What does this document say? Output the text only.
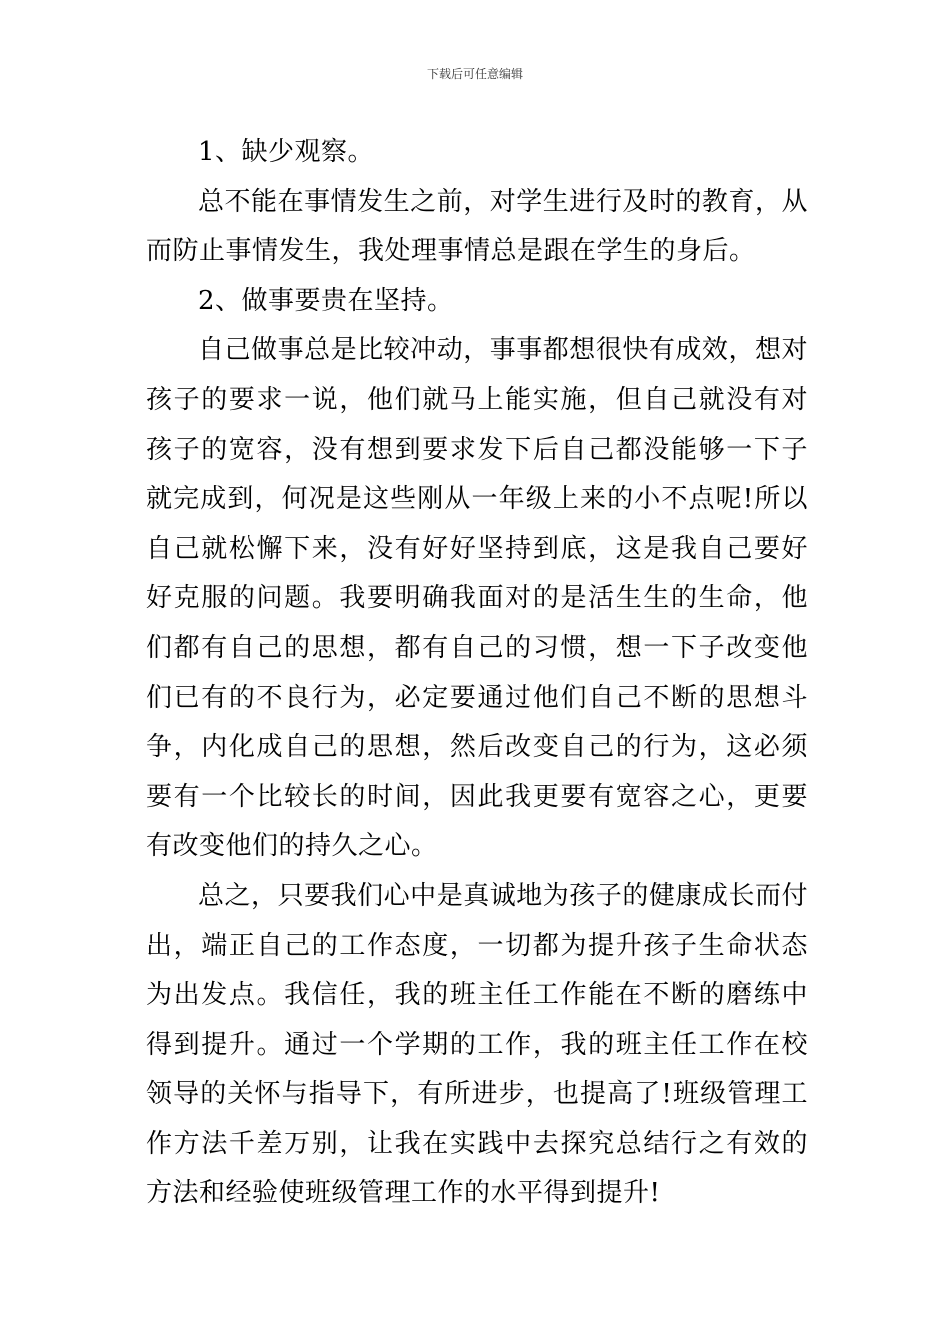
下载后可任意编辑

1、缺少观察。

总不能在事情发生之前，对学生进行及时的教育，从而防止事情发生，我处理事情总是跟在学生的身后。

2、做事要贵在坚持。

自己做事总是比较冲动，事事都想很快有成效，想对孩子的要求一说，他们就马上能实施，但自己就没有对孩子的宽容，没有想到要求发下后自己都没能够一下子就完成到，何况是这些刚从一年级上来的小不点呢!所以自己就松懈下来，没有好好坚持到底，这是我自己要好好克服的问题。我要明确我面对的是活生生的生命，他们都有自己的思想，都有自己的习惯，想一下子改变他们已有的不良行为，必定要通过他们自己不断的思想斗争，内化成自己的思想，然后改变自己的行为，这必须要有一个比较长的时间，因此我更要有宽容之心，更要有改变他们的持久之心。

总之，只要我们心中是真诚地为孩子的健康成长而付出，端正自己的工作态度，一切都为提升孩子生命状态为出发点。我信任，我的班主任工作能在不断的磨练中得到提升。通过一个学期的工作，我的班主任工作在校领导的关怀与指导下，有所进步，也提高了!班级管理工作方法千差万别，让我在实践中去探究总结行之有效的方法和经验使班级管理工作的水平得到提升!
